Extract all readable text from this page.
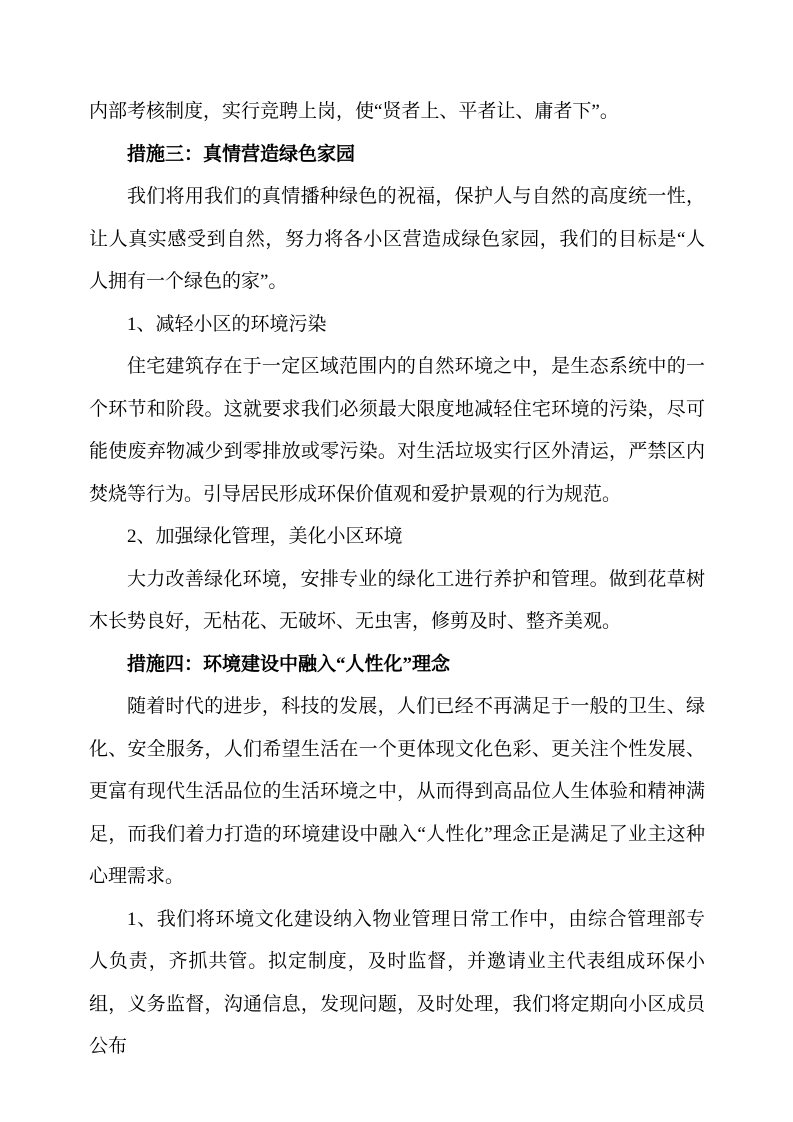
内部考核制度，实行竞聘上岗，使“贤者上、平者让、庸者下”。

措施三：真情营造绿色家园

我们将用我们的真情播种绿色的祝福，保护人与自然的高度统一性，让人真实感受到自然，努力将各小区营造成绿色家园，我们的目标是“人人拥有一个绿色的家”。

1、减轻小区的环境污染

住宅建筑存在于一定区域范围内的自然环境之中，是生态系统中的一个环节和阶段。这就要求我们必须最大限度地减轻住宅环境的污染，尽可能使废弃物减少到零排放或零污染。对生活垃圾实行区外清运，严禁区内焚烧等行为。引导居民形成环保价值观和爱护景观的行为规范。

2、加强绿化管理，美化小区环境

大力改善绿化环境，安排专业的绿化工进行养护和管理。做到花草树木长势良好，无枯花、无破坏、无虫害，修剪及时、整齐美观。

措施四：环境建设中融入“人性化”理念

随着时代的进步，科技的发展，人们已经不再满足于一般的卫生、绿化、安全服务，人们希望生活在一个更体现文化色彩、更关注个性发展、更富有现代生活品位的生活环境之中，从而得到高品位人生体验和精神满足，而我们着力打造的环境建设中融入“人性化”理念正是满足了业主这种心理需求。

1、我们将环境文化建设纳入物业管理日常工作中，由综合管理部专人负责，齐抓共管。拟定制度，及时监督，并邀请业主代表组成环保小组，义务监督，沟通信息，发现问题，及时处理，我们将定期向小区成员公布
